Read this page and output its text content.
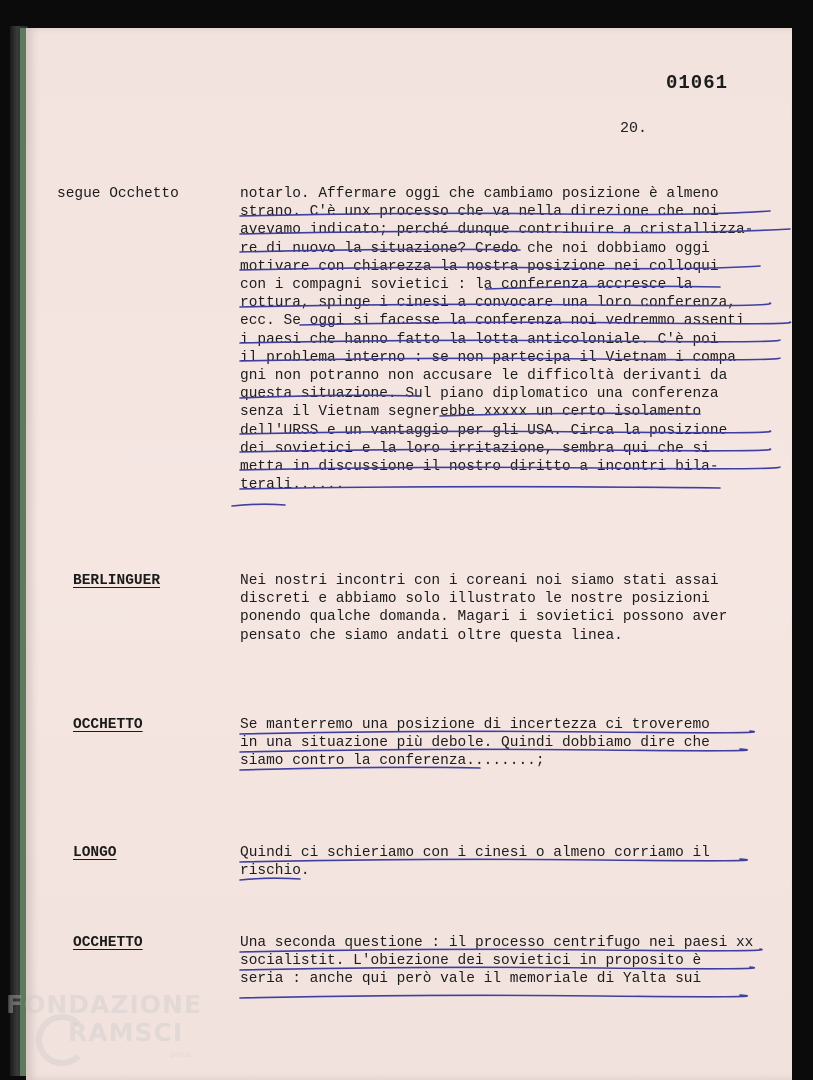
01061
20.
segue Occhetto	notarlo. Affermare oggi che cambiamo posizione è almeno
strano. C'è unx processo che va nella direzione che noi
avevamo indicato; perché dunque contribuire a cristallizza-
re di nuovo la situazione? Credo che noi dobbiamo oggi
motivare con chiarezza la nostra posizione nei colloqui
con i compagni sovietici : la conferenza accresce la
rottura, spinge i cinesi a convocare una loro conferenza,
ecc. Se oggi si facesse la conferenza noi vedremmo assenti
i paesi che hanno fatto la lotta anticoloniale. C'è poi
il problema interno : se non partecipa il Vietnam i compa
gni non potranno non accusare le difficoltà derivanti da
questa situazione. Sul piano diplomatico una conferenza
senza il Vietnam segnerebbe xxxxx un certo isolamento
dell'URSS e un vantaggio per gli USA. Circa la posizione
dei sovietici e la loro irritazione, sembra qui che si
metta in discussione il nostro diritto a incontri bila-
terali......
BERLINGUER	Nei nostri incontri con i coreani noi siamo stati assai
discreti e abbiamo solo illustrato le nostre posizioni
ponendo qualche domanda. Magari i sovietici possono aver
pensato che siamo andati oltre questa linea.
OCCHETTO	Se manterremo una posizione di incertezza ci troveremo
in una situazione più debole. Quindi dobbiamo dire che
siamo contro la conferenza........;
LONGO	Quindi ci schieriamo con i cinesi o almeno corriamo il
rischio.
OCCHETTO	Una seconda questione : il processo centrifugo nei paesi xx
socialistit. L'obiezione dei sovietici in proposito è
seria : anche qui però vale il memoriale di Yalta sui
FONDAZIONE
RAMSCI
onlus
